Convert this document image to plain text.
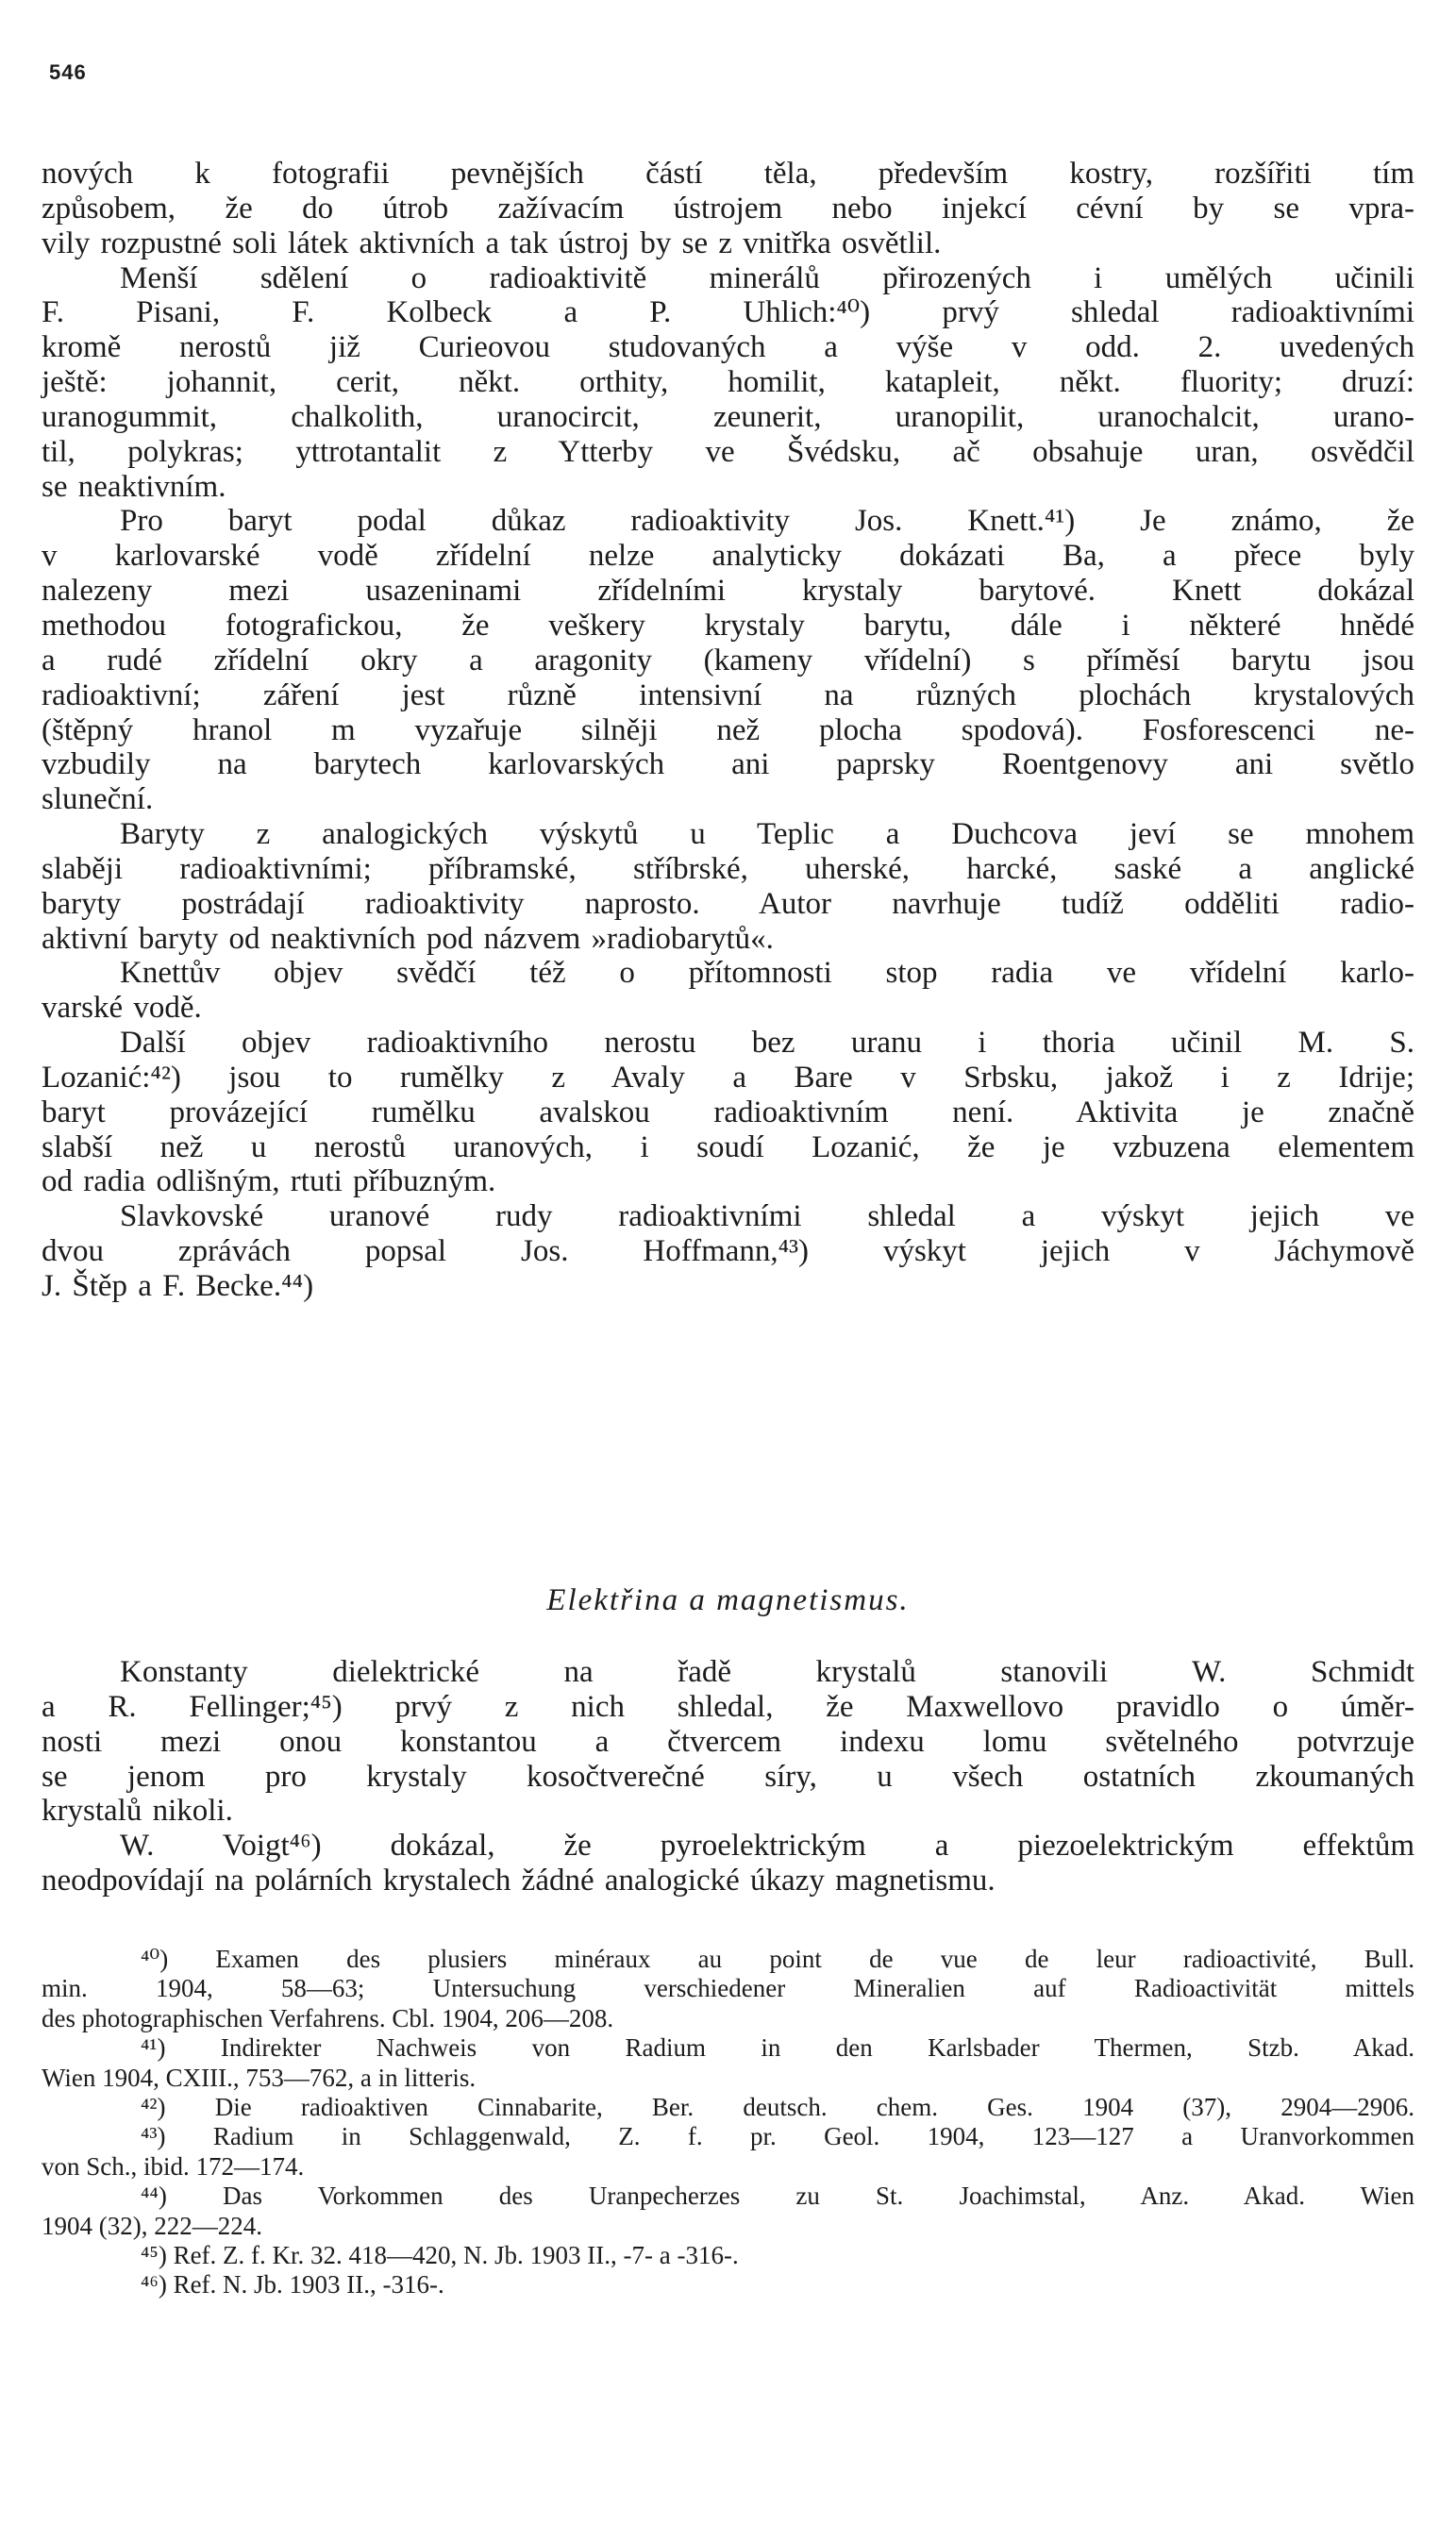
546
nových k fotografii pevnějších částí těla, především kostry, rozšířiti tím
způsobem, že do útrob zažívacím ústrojem nebo injekcí cévní by se vpra-
vily rozpustné soli látek aktivních a tak ústroj by se z vnitřka osvětlil.
Menší sdělení o radioaktivitě minerálů přirozených i umělých učinili
F. Pisani, F. Kolbeck a P. Uhlich:⁴⁰) prvý shledal radioaktivními
kromě nerostů již Curieovou studovaných a výše v odd. 2. uvedených
ještě: johannit, cerit, někt. orthity, homilit, katapleit, někt. fluority; druzí:
uranogummit, chalkolith, uranocircit, zeunerit, uranopilit, uranochalcit, urano-
til, polykras; yttrotantalit z Ytterby ve Švédsku, ač obsahuje uran, osvědčil
se neaktivním.
Pro baryt podal důkaz radioaktivity Jos. Knett.⁴¹) Je známo, že
v karlovarské vodě zřídelní nelze analyticky dokázati Ba, a přece byly
nalezeny mezi usazeninami zřídelními krystaly barytové. Knett dokázal
methodou fotografickou, že veškery krystaly barytu, dále i některé hnědé
a rudé zřídelní okry a aragonity (kameny vřídelní) s příměsí barytu jsou
radioaktivní; záření jest různě intensivní na různých plochách krystalových
(štěpný hranol m vyzařuje silněji než plocha spodová). Fosforescenci ne-
vzbudily na barytech karlovarských ani paprsky Roentgenovy ani světlo
sluneční.
Baryty z analogických výskytů u Teplic a Duchcova jeví se mnohem
slaběji radioaktivními; příbramské, stříbrské, uherské, harcké, saské a anglické
baryty postrádají radioaktivity naprosto. Autor navrhuje tudíž odděliti radio-
aktivní baryty od neaktivních pod názvem »radiobarytů«.
Knettův objev svědčí též o přítomnosti stop radia ve vřídelní karlo-
varské vodě.
Další objev radioaktivního nerostu bez uranu i thoria učinil M. S.
Lozanić:⁴²) jsou to rumělky z Avaly a Bare v Srbsku, jakož i z Idrije;
baryt provázející rumělku avalskou radioaktivním není. Aktivita je značně
slabší než u nerostů uranových, i soudí Lozanić, že je vzbuzena elementem
od radia odlišným, rtuti příbuzným.
Slavkovské uranové rudy radioaktivními shledal a výskyt jejich ve
dvou zprávách popsal Jos. Hoffmann,⁴³) výskyt jejich v Jáchymově
J. Štěp a F. Becke.⁴⁴)
Elektřina a magnetismus.
Konstanty dielektrické na řadě krystalů stanovili W. Schmidt
a R. Fellinger;⁴⁵) prvý z nich shledal, že Maxwellovo pravidlo o úměr-
nosti mezi onou konstantou a čtvercem indexu lomu světelného potvrzuje
se jenom pro krystaly kosočtverečné síry, u všech ostatních zkoumaných
krystalů nikoli.
W. Voigt⁴⁶) dokázal, že pyroelektrickým a piezoelektrickým effektům
neodpovídají na polárních krystalech žádné analogické úkazy magnetismu.
⁴⁰) Examen des plusiers minéraux au point de vue de leur radioactivité, Bull.
min. 1904, 58—63; Untersuchung verschiedener Mineralien auf Radioactivität mittels
des photographischen Verfahrens. Cbl. 1904, 206—208.
⁴¹) Indirekter Nachweis von Radium in den Karlsbader Thermen, Stzb. Akad.
Wien 1904, CXIII., 753—762, a in litteris.
⁴²) Die radioaktiven Cinnabarite, Ber. deutsch. chem. Ges. 1904 (37), 2904—2906.
⁴³) Radium in Schlaggenwald, Z. f. pr. Geol. 1904, 123—127 a Uranvorkommen
von Sch., ibid. 172—174.
⁴⁴) Das Vorkommen des Uranpecherzes zu St. Joachimstal, Anz. Akad. Wien
1904 (32), 222—224.
⁴⁵) Ref. Z. f. Kr. 32. 418—420, N. Jb. 1903 II., -7- a -316-.
⁴⁶) Ref. N. Jb. 1903 II., -316-.
